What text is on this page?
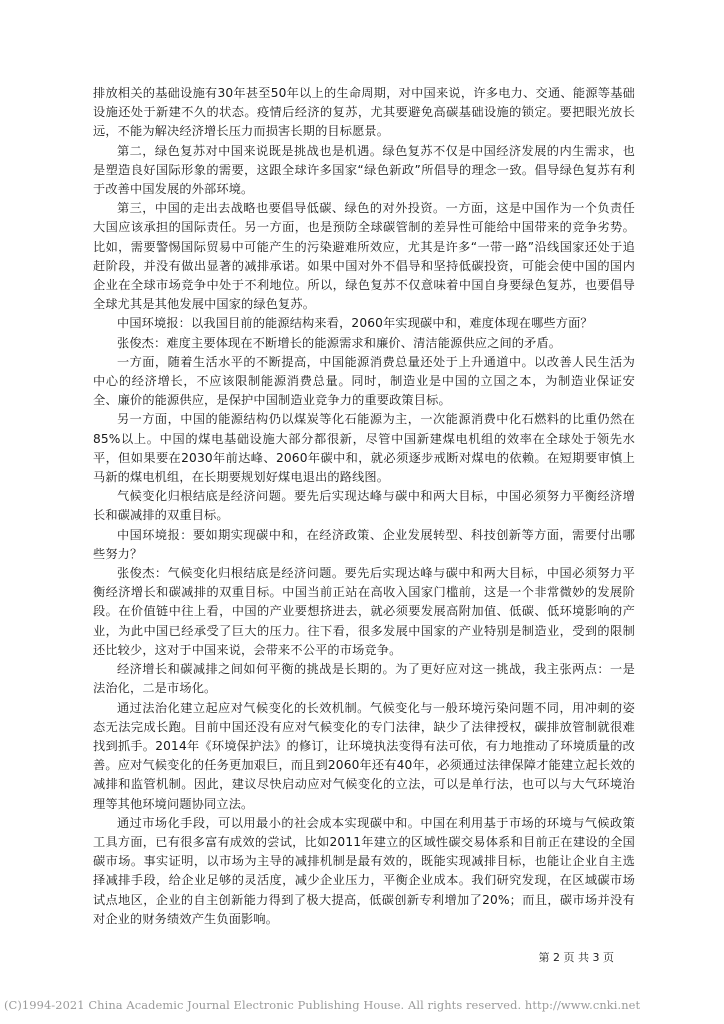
排放相关的基础设施有30年甚至50年以上的生命周期，对中国来说，许多电力、交通、能源等基础设施还处于新建不久的状态。疫情后经济的复苏，尤其要避免高碳基础设施的锁定。要把眼光放长远，不能为解决经济增长压力而损害长期的目标愿景。

第二，绿色复苏对中国来说既是挑战也是机遇。绿色复苏不仅是中国经济发展的内生需求，也是塑造良好国际形象的需要，这跟全球许多国家“绿色新政”所倡导的理念一致。倡导绿色复苏有利于改善中国发展的外部环境。

第三，中国的走出去战略也要倡导低碳、绿色的对外投资。一方面，这是中国作为一个负责任大国应该承担的国际责任。另一方面，也是预防全球碳管制的差异性可能给中国带来的竞争劣势。比如，需要警惕国际贸易中可能产生的污染避难所效应，尤其是许多“一带一路”沿线国家还处于追赶阶段，并没有做出显著的减排承诺。如果中国对外不倡导和坚持低碳投资，可能会使中国的国内企业在全球市场竞争中处于不利地位。所以，绿色复苏不仅意味着中国自身要绿色复苏，也要倡导全球尤其是其他发展中国家的绿色复苏。

中国环境报：以我国目前的能源结构来看，2060年实现碳中和，难度体现在哪些方面？

张俊杰：难度主要体现在不断增长的能源需求和廉价、清洁能源供应之间的矛盾。

一方面，随着生活水平的不断提高，中国能源消费总量还处于上升通道中。以改善人民生活为中心的经济增长，不应该限制能源消费总量。同时，制造业是中国的立国之本，为制造业保证安全、廉价的能源供应，是保护中国制造业竞争力的重要政策目标。

另一方面，中国的能源结构仍以煤炭等化石能源为主，一次能源消费中化石燃料的比重仍然在85%以上。中国的煤电基础设施大部分都很新，尽管中国新建煤电机组的效率在全球处于领先水平，但如果要在2030年前达峰、2060年碳中和，就必须逐步戒断对煤电的依赖。在短期要审慎上马新的煤电机组，在长期要规划好煤电退出的路线图。

气候变化归根结底是经济问题。要先后实现达峰与碳中和两大目标，中国必须努力平衡经济增长和碳减排的双重目标。

中国环境报：要如期实现碳中和，在经济政策、企业发展转型、科技创新等方面，需要付出哪些努力？

张俊杰：气候变化归根结底是经济问题。要先后实现达峰与碳中和两大目标，中国必须努力平衡经济增长和碳减排的双重目标。中国当前正站在高收入国家门槛前，这是一个非常微妙的发展阶段。在价值链中往上看，中国的产业要想挤进去，就必须要发展高附加值、低碳、低环境影响的产业，为此中国已经承受了巨大的压力。往下看，很多发展中国家的产业特别是制造业，受到的限制还比较少，这对于中国来说，会带来不公平的市场竞争。

经济增长和碳减排之间如何平衡的挑战是长期的。为了更好应对这一挑战，我主张两点：一是法治化，二是市场化。

通过法治化建立起应对气候变化的长效机制。气候变化与一般环境污染问题不同，用冲刺的姿态无法完成长跑。目前中国还没有应对气候变化的专门法律，缺少了法律授权，碳排放管制就很难找到抓手。2014年《环境保护法》的修订，让环境执法变得有法可依，有力地推动了环境质量的改善。应对气候变化的任务更加艰巨，而且到2060年还有40年，必须通过法律保障才能建立起长效的减排和监管机制。因此，建议尽快启动应对气候变化的立法，可以是单行法，也可以与大气环境治理等其他环境问题协同立法。

通过市场化手段，可以用最小的社会成本实现碳中和。中国在利用基于市场的环境与气候政策工具方面，已有很多富有成效的尝试，比如2011年建立的区域性碳交易体系和目前正在建设的全国碳市场。事实证明，以市场为主导的减排机制是最有效的，既能实现减排目标，也能让企业自主选择减排手段，给企业足够的灵活度，减少企业压力，平衡企业成本。我们研究发现，在区域碳市场试点地区，企业的自主创新能力得到了极大提高，低碳创新专利增加了20%；而且，碳市场并没有对企业的财务绩效产生负面影响。

第 2 页 共 3 页
(C)1994-2021 China Academic Journal Electronic Publishing House. All rights reserved. http://www.cnki.net
